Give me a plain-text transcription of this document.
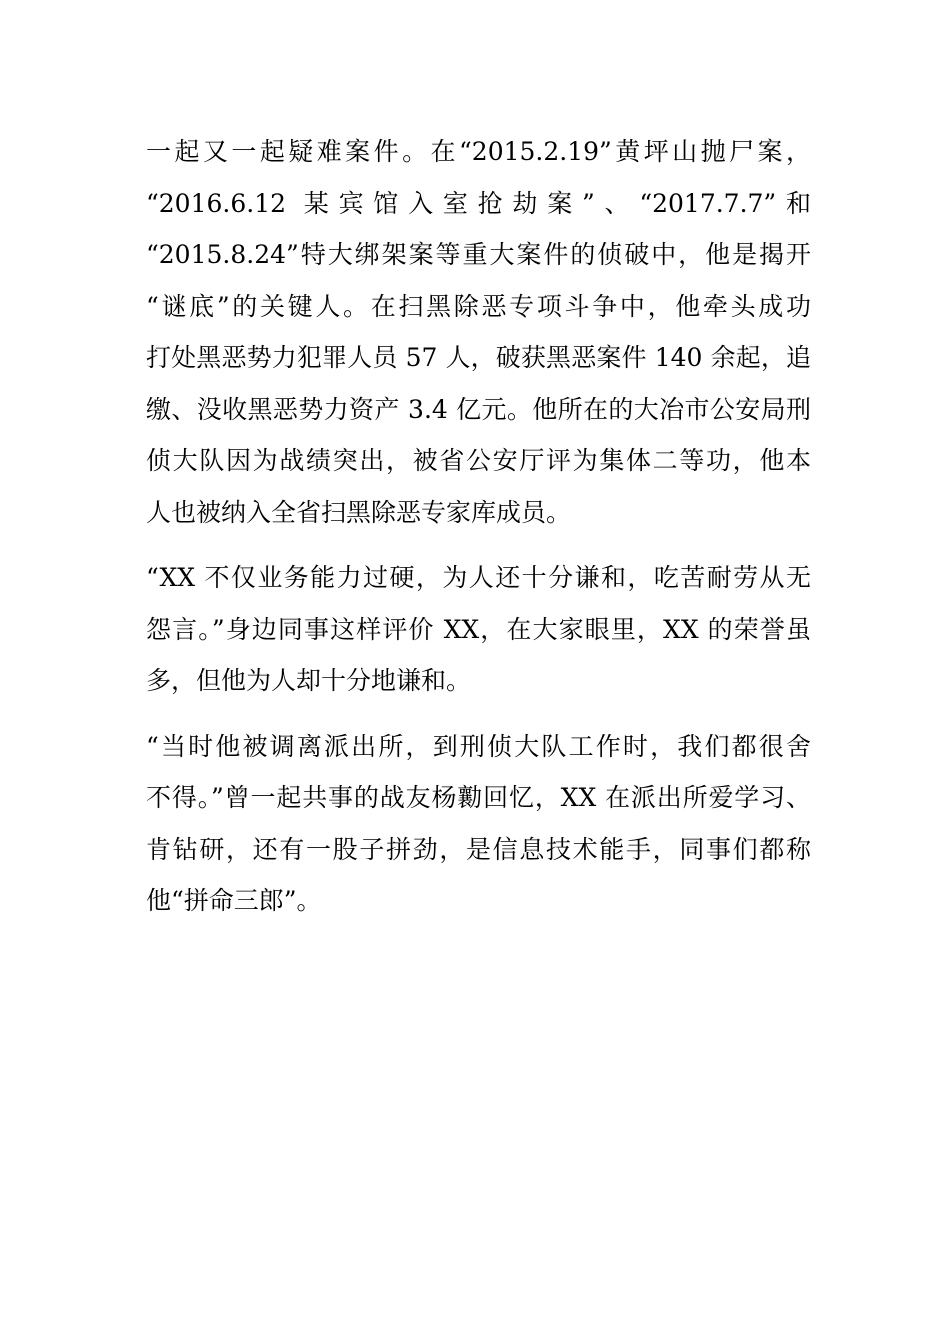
一起又一起疑难案件。在“2015.2.19”黄坪山抛尸案，
“2016.6.12 某宾馆入室抢劫案”、“2017.7.7”和
“2015.8.24”特大绑架案等重大案件的侦破中，他是揭开
“谜底”的关键人。在扫黑除恶专项斗争中，他牵头成功
打处黑恶势力犯罪人员 57 人，破获黑恶案件 140 余起，追
缴、没收黑恶势力资产 3.4 亿元。他所在的大冶市公安局刑
侦大队因为战绩突出，被省公安厅评为集体二等功，他本
人也被纳入全省扫黑除恶专家库成员。
“XX 不仅业务能力过硬，为人还十分谦和，吃苦耐劳从无
怨言。”身边同事这样评价 XX，在大家眼里，XX 的荣誉虽
多，但他为人却十分地谦和。
“当时他被调离派出所，到刑侦大队工作时，我们都很舍
不得。”曾一起共事的战友杨勷回忆，XX 在派出所爱学习、
肯钻研，还有一股子拼劲，是信息技术能手，同事们都称
他“拼命三郎”。
